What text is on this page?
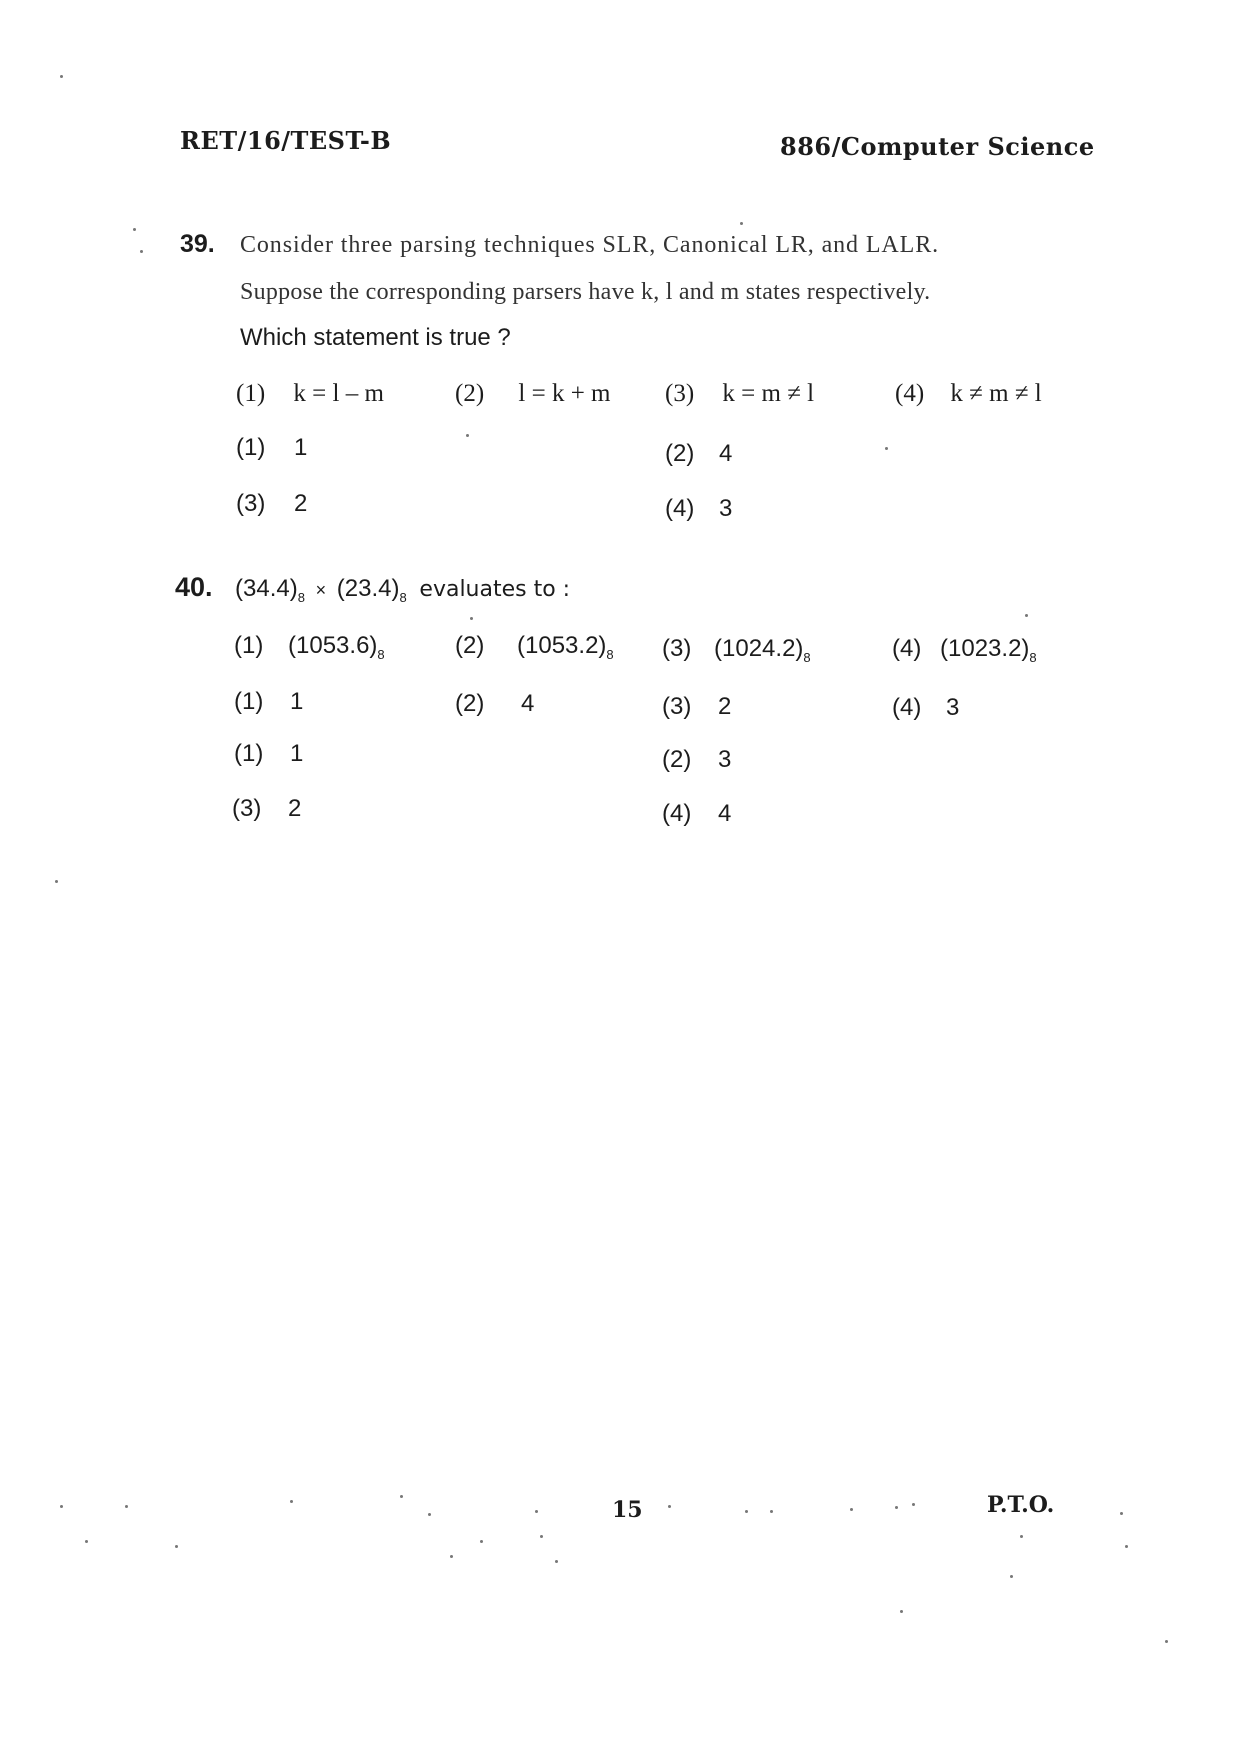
RET/16/TEST-B	886/Computer Science
39. Consider three parsing techniques SLR, Canonical LR, and LALR.
Suppose the corresponding parsers have k, l and m states respectively.
Which statement is true ?
(1) k = l – m	(2) l = k + m (3) k = m ≠ l	(4) k ≠ m ≠ l
(1) 1	(2) 4
(3) 2	(4) 3
40. $(34.4)_8 \times (23.4)_8$ evaluates to :
(1) $(1053.6)_8$	(2) $(1053.2)_8$ (3) $(1024.2)_8$	(4) $(1023.2)_8$
(1) 1	(2) 4	(3) 2	(4) 3
(1) 1	(2) 3
(3) 2	(4) 4
15	P.T.O.
